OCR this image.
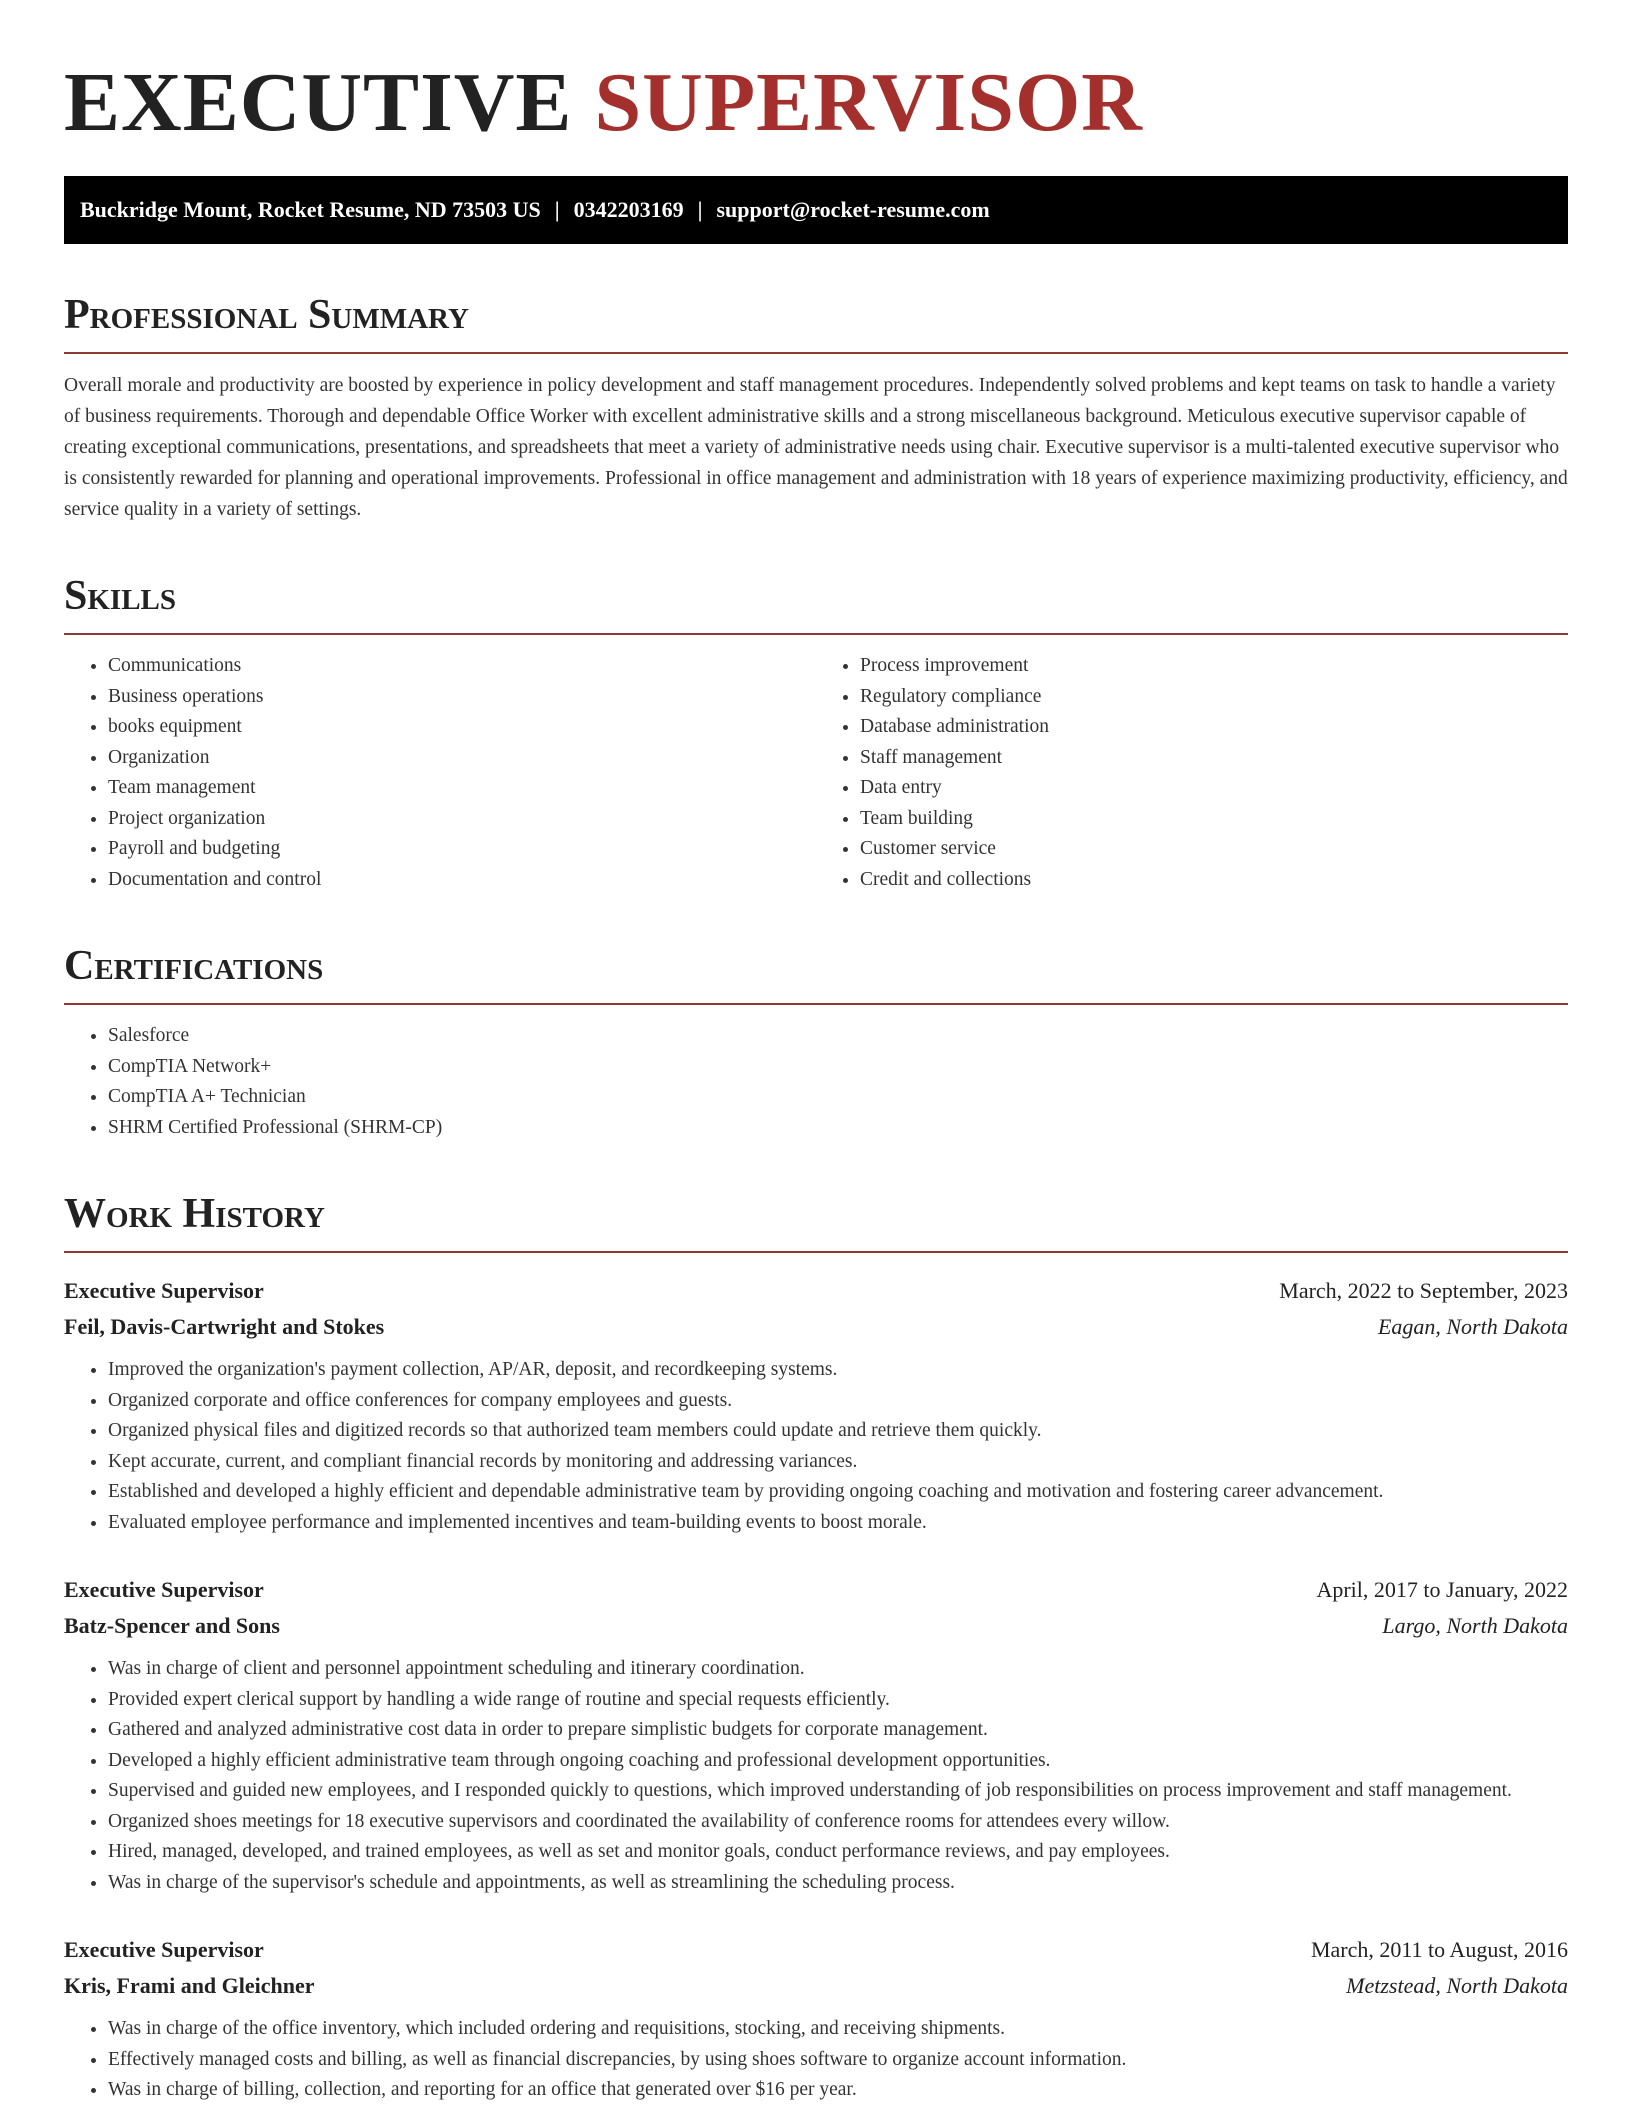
EXECUTIVE SUPERVISOR
Buckridge Mount, Rocket Resume, ND 73503 US | 0342203169 | support@rocket-resume.com
Professional Summary

Overall morale and productivity are boosted by experience in policy development and staff management procedures. Independently solved problems and kept teams on task to handle a variety of business requirements. Thorough and dependable Office Worker with excellent administrative skills and a strong miscellaneous background. Meticulous executive supervisor capable of creating exceptional communications, presentations, and spreadsheets that meet a variety of administrative needs using chair. Executive supervisor is a multi-talented executive supervisor who is consistently rewarded for planning and operational improvements. Professional in office management and administration with 18 years of experience maximizing productivity, efficiency, and service quality in a variety of settings.

Skills
• Communications
• Business operations
• books equipment
• Organization
• Team management
• Project organization
• Payroll and budgeting
• Documentation and control
• Process improvement
• Regulatory compliance
• Database administration
• Staff management
• Data entry
• Team building
• Customer service
• Credit and collections
Certifications
• Salesforce
• CompTIA Network+
• CompTIA A+ Technician
• SHRM Certified Professional (SHRM-CP)
Work History
Executive Supervisor	March, 2022 to September, 2023
Feil, Davis-Cartwright and Stokes	Eagan, North Dakota
• Improved the organization's payment collection, AP/AR, deposit, and recordkeeping systems.
• Organized corporate and office conferences for company employees and guests.
• Organized physical files and digitized records so that authorized team members could update and retrieve them quickly.
• Kept accurate, current, and compliant financial records by monitoring and addressing variances.
• Established and developed a highly efficient and dependable administrative team by providing ongoing coaching and motivation and fostering career advancement.
• Evaluated employee performance and implemented incentives and team-building events to boost morale.
Executive Supervisor	April, 2017 to January, 2022
Batz-Spencer and Sons	Largo, North Dakota
• Was in charge of client and personnel appointment scheduling and itinerary coordination.
• Provided expert clerical support by handling a wide range of routine and special requests efficiently.
• Gathered and analyzed administrative cost data in order to prepare simplistic budgets for corporate management.
• Developed a highly efficient administrative team through ongoing coaching and professional development opportunities.
• Supervised and guided new employees, and I responded quickly to questions, which improved understanding of job responsibilities on process improvement and staff management.
• Organized shoes meetings for 18 executive supervisors and coordinated the availability of conference rooms for attendees every willow.
• Hired, managed, developed, and trained employees, as well as set and monitor goals, conduct performance reviews, and pay employees.
• Was in charge of the supervisor's schedule and appointments, as well as streamlining the scheduling process.
Executive Supervisor	March, 2011 to August, 2016
Kris, Frami and Gleichner	Metzstead, North Dakota
• Was in charge of the office inventory, which included ordering and requisitions, stocking, and receiving shipments.
• Effectively managed costs and billing, as well as financial discrepancies, by using shoes software to organize account information.
• Was in charge of billing, collection, and reporting for an office that generated over $16 per year.
